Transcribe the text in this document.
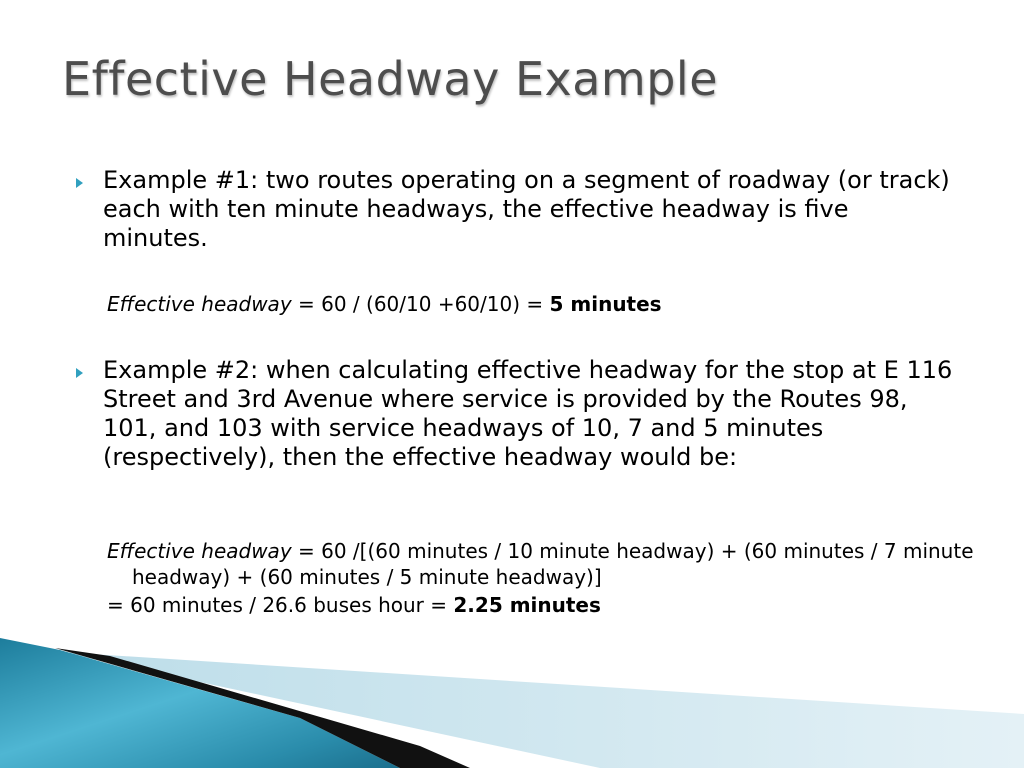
Effective Headway Example

Example #1: two routes operating on a segment of roadway (or track) each with ten minute headways, the effective headway is five minutes.

Effective headway = 60 / (60/10 +60/10) = 5 minutes

Example #2: when calculating effective headway for the stop at E 116 Street and 3rd Avenue where service is provided by the Routes 98, 101, and 103 with service headways of 10, 7 and 5 minutes (respectively), then the effective headway would be:

Effective headway = 60 /[(60 minutes / 10 minute headway) + (60 minutes / 7 minute headway) + (60 minutes / 5 minute headway)]
= 60 minutes / 26.6 buses hour = 2.25 minutes
